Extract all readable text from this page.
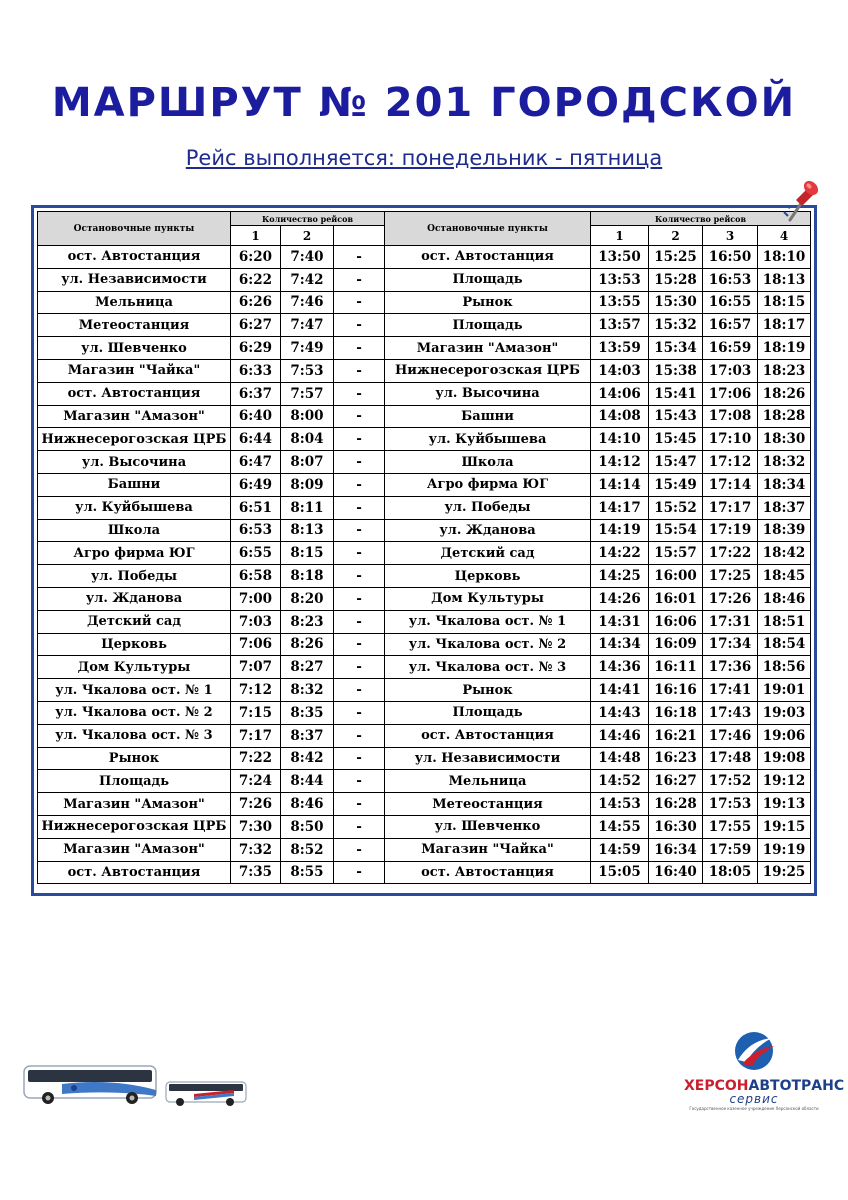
МАРШРУТ № 201 ГОРОДСКОЙ
Рейс выполняется: понедельник - пятница
Остановочные пункты	Количество рейсов			Остановочные пункты	Количество рейсов			
	1	2			1	2	3	4
ост. Автостанция	6:20	7:40	-	ост. Автостанция	13:50	15:25	16:50	18:10
ул. Независимости	6:22	7:42	-	Площадь	13:53	15:28	16:53	18:13
Мельница	6:26	7:46	-	Рынок	13:55	15:30	16:55	18:15
Метеостанция	6:27	7:47	-	Площадь	13:57	15:32	16:57	18:17
ул. Шевченко	6:29	7:49	-	Магазин "Амазон"	13:59	15:34	16:59	18:19
Магазин "Чайка"	6:33	7:53	-	Нижнесерогозская ЦРБ	14:03	15:38	17:03	18:23
ост. Автостанция	6:37	7:57	-	ул. Высочина	14:06	15:41	17:06	18:26
Магазин "Амазон"	6:40	8:00	-	Башни	14:08	15:43	17:08	18:28
Нижнесерогозская ЦРБ	6:44	8:04	-	ул. Куйбышева	14:10	15:45	17:10	18:30
ул. Высочина	6:47	8:07	-	Школа	14:12	15:47	17:12	18:32
Башни	6:49	8:09	-	Агро фирма ЮГ	14:14	15:49	17:14	18:34
ул. Куйбышева	6:51	8:11	-	ул. Победы	14:17	15:52	17:17	18:37
Школа	6:53	8:13	-	ул. Жданова	14:19	15:54	17:19	18:39
Агро фирма ЮГ	6:55	8:15	-	Детский сад	14:22	15:57	17:22	18:42
ул. Победы	6:58	8:18	-	Церковь	14:25	16:00	17:25	18:45
ул. Жданова	7:00	8:20	-	Дом Культуры	14:26	16:01	17:26	18:46
Детский сад	7:03	8:23	-	ул. Чкалова ост. № 1	14:31	16:06	17:31	18:51
Церковь	7:06	8:26	-	ул. Чкалова ост. № 2	14:34	16:09	17:34	18:54
Дом Культуры	7:07	8:27	-	ул. Чкалова ост. № 3	14:36	16:11	17:36	18:56
ул. Чкалова ост. № 1	7:12	8:32	-	Рынок	14:41	16:16	17:41	19:01
ул. Чкалова ост. № 2	7:15	8:35	-	Площадь	14:43	16:18	17:43	19:03
ул. Чкалова ост. № 3	7:17	8:37	-	ост. Автостанция	14:46	16:21	17:46	19:06
Рынок	7:22	8:42	-	ул. Независимости	14:48	16:23	17:48	19:08
Площадь	7:24	8:44	-	Мельница	14:52	16:27	17:52	19:12
Магазин "Амазон"	7:26	8:46	-	Метеостанция	14:53	16:28	17:53	19:13
Нижнесерогозская ЦРБ	7:30	8:50	-	ул. Шевченко	14:55	16:30	17:55	19:15
Магазин "Амазон"	7:32	8:52	-	Магазин "Чайка"	14:59	16:34	17:59	19:19
ост. Автостанция	7:35	8:55	-	ост. Автостанция	15:05	16:40	18:05	19:25
ХЕРСОНАВТОТРАНС
сервис
Государственное казенное учреждение Херсонской области
